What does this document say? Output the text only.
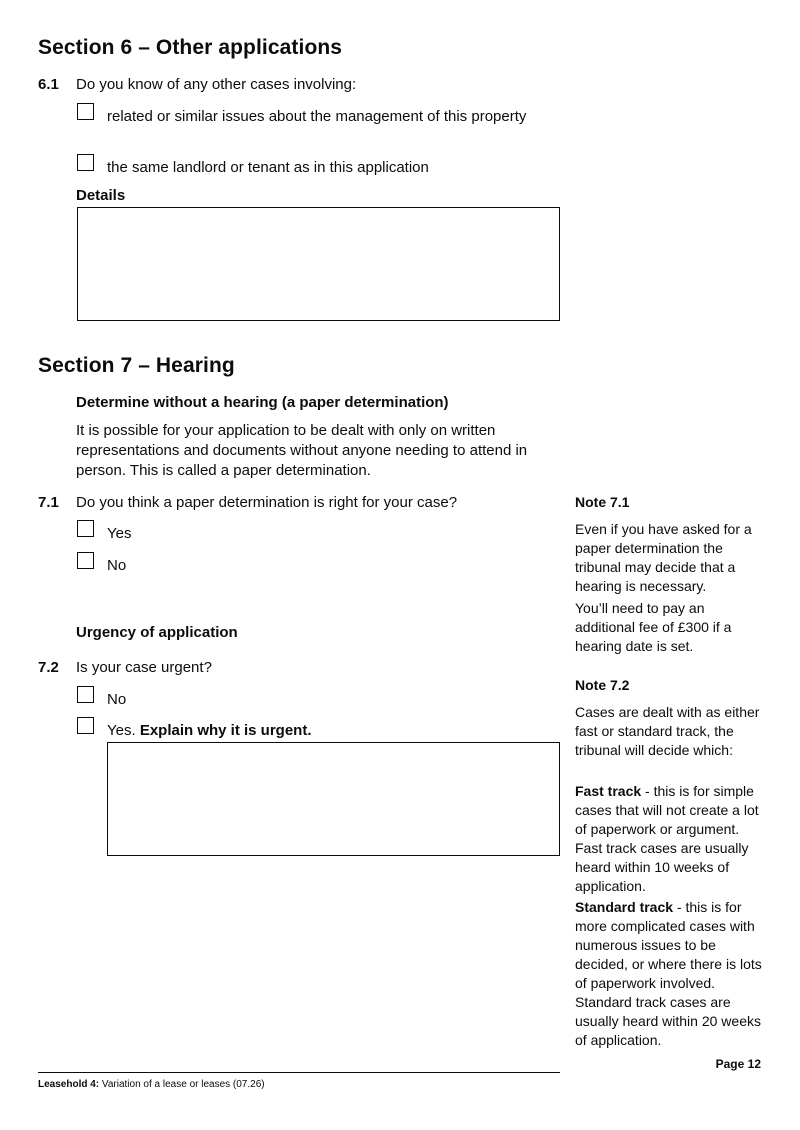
Section 6 – Other applications
6.1 Do you know of any other cases involving:
related or similar issues about the management of this property
the same landlord or tenant as in this application
Details
Section 7 – Hearing
Determine without a hearing (a paper determination)
It is possible for your application to be dealt with only on written representations and documents without anyone needing to attend in person. This is called a paper determination.
7.1 Do you think a paper determination is right for your case?
Yes
No
Urgency of application
7.2 Is your case urgent?
No
Yes. Explain why it is urgent.
Note 7.1
Even if you have asked for a paper determination the tribunal may decide that a hearing is necessary.
You’ll need to pay an additional fee of £300 if a hearing date is set.
Note 7.2
Cases are dealt with as either fast or standard track, the tribunal will decide which:
Fast track - this is for simple cases that will not create a lot of paperwork or argument. Fast track cases are usually heard within 10 weeks of application.
Standard track - this is for more complicated cases with numerous issues to be decided, or where there is lots of paperwork involved. Standard track cases are usually heard within 20 weeks of application.
Page 12
Leasehold 4: Variation of a lease or leases (07.26)
